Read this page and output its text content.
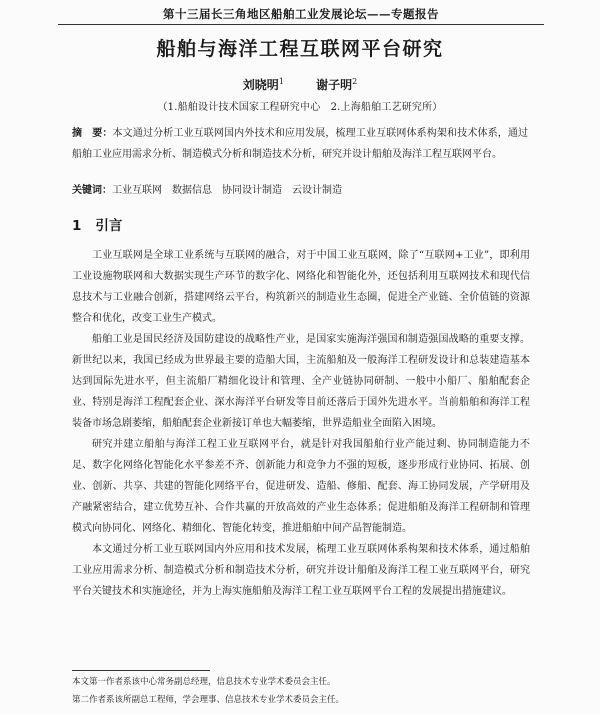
第十三届长三角地区船舶工业发展论坛——专题报告
船舶与海洋工程互联网平台研究
刘晓明$^1$	谢子明$^2$
（1.船舶设计技术国家工程研究中心　2.上海船舶工艺研究所）
摘　要：本文通过分析工业互联网国内外技术和应用发展，梳理工业互联网体系构架和技术体系，通过船舶工业应用需求分析、制造模式分析和制造技术分析，研究并设计船舶及海洋工程互联网平台。
关键词：工业互联网　数据信息　协同设计制造　云设计制造
1 引言

工业互联网是全球工业系统与互联网的融合，对于中国工业互联网，除了“互联网+工业”，即利用工业设施物联网和大数据实现生产环节的数字化、网络化和智能化外，还包括利用互联网技术和现代信息技术与工业融合创新，搭建网络云平台，构筑新兴的制造业生态圈，促进全产业链、全价值链的资源整合和优化，改变工业生产模式。

船舶工业是国民经济及国防建设的战略性产业，是国家实施海洋强国和制造强国战略的重要支撑。新世纪以来，我国已经成为世界最主要的造船大国，主流船舶及一般海洋工程研发设计和总装建造基本达到国际先进水平，但主流船厂精细化设计和管理、全产业链协同研制、一般中小船厂、船舶配套企业、特别是海洋工程配套企业、深水海洋平台研发等目前还落后于国外先进水平。当前船舶和海洋工程装备市场急剧萎缩，船舶配套企业新接订单也大幅萎缩，世界造船业全面陷入困境。

研究并建立船舶与海洋工程工业互联网平台，就是针对我国船舶行业产能过剩、协同制造能力不足、数字化网络化智能化水平参差不齐、创新能力和竞争力不强的短板，逐步形成行业协同、拓展、创业、创新、共享、共建的智能化网络平台，促进研发、造船、修船、配套、海工协同发展，产学研用及产融紧密结合，建立优势互补、合作共赢的开放高效的产业生态体系；促进船舶及海洋工程研制和管理模式向协同化、网络化、精细化、智能化转变，推进船舶中间产品智能制造。

本文通过分析工业互联网国内外应用和技术发展，梳理工业互联网体系构架和技术体系，通过船舶工业应用需求分析、制造模式分析和制造技术分析，研究并设计船舶及海洋工程工业互联网平台，研究平台关键技术和实施途径，并为上海实施船舶及海洋工程工业互联网平台工程的发展提出措施建议。

本文第一作者系该中心常务副总经理，信息技术专业学术委员会主任。
第二作者系该所副总工程师，学会理事、信息技术专业学术委员会主任。
